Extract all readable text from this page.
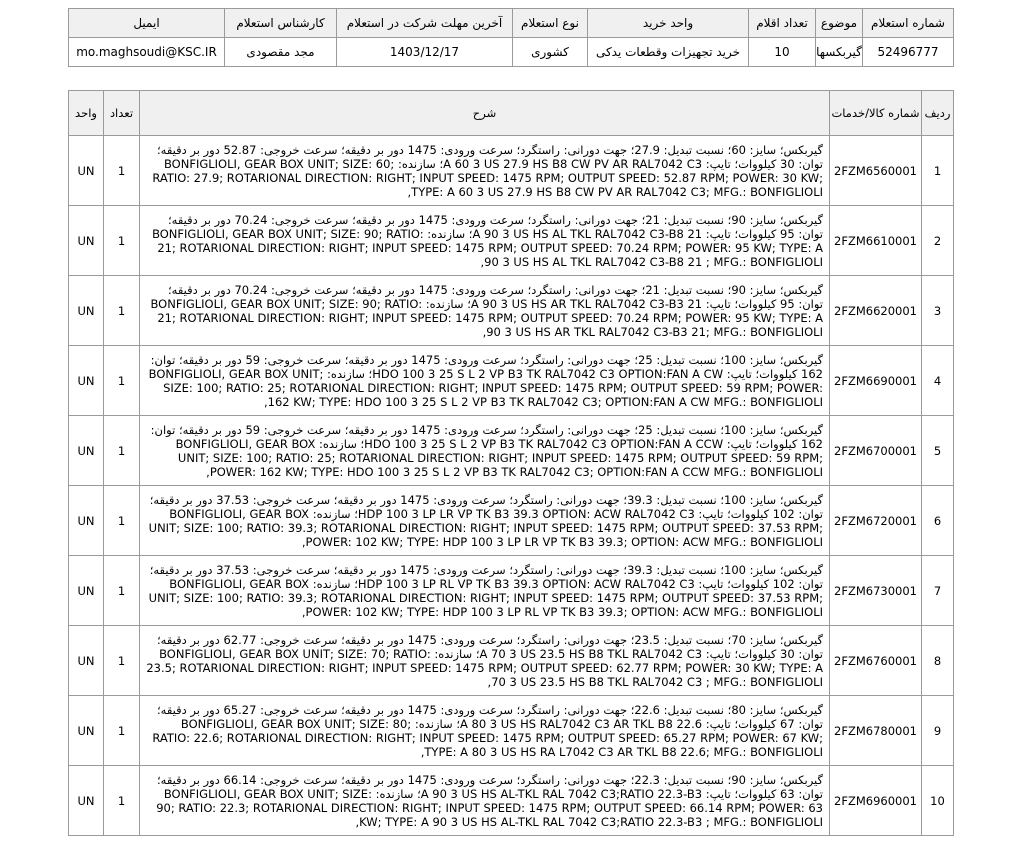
شماره استعلام	موضوع	تعداد اقلام	واحد خرید	نوع استعلام	آخرین مهلت شرکت در استعلام	کارشناس استعلام	ایمیل
52496777	گیربکسها	10	خرید تجهیزات وقطعات یدکی	کشوری	1403/12/17	مجد مقصودی	mo.maghsoudi@KSC.IR
ردیف	شماره کالا/خدمات	شرح	تعداد	واحد
1	2FZM6560001	گیربکس؛ سایز: 60؛ نسبت تبدیل: 27.9؛ جهت دورانی: راستگرد؛ سرعت ورودی: 1475 دور بر دقیقه؛ سرعت خروجی: 52.87 دور بر دقیقه؛ توان: 30 کیلووات؛ تایپ: A 60 3 US 27.9 HS B8 CW PV AR RAL7042 C3؛ سازنده: BONFIGLIOLI, GEAR BOX UNIT; SIZE: 60; RATIO: 27.9; ROTARIONAL DIRECTION: RIGHT; INPUT SPEED: 1475 RPM; OUTPUT SPEED: 52.87 RPM; POWER: 30 KW; TYPE: A 60 3 US 27.9 HS B8 CW PV AR RAL7042 C3; MFG.: BONFIGLIOLI,	1	UN
2	2FZM6610001	گیربکس؛ سایز: 90؛ نسبت تبدیل: 21؛ جهت دورانی: راستگرد؛ سرعت ورودی: 1475 دور بر دقیقه؛ سرعت خروجی: 70.24 دور بر دقیقه؛ توان: 95 کیلووات؛ تایپ: A 90 3 US HS AL TKL RAL7042 C3-B8 21؛ سازنده: BONFIGLIOLI, GEAR BOX UNIT; SIZE: 90; RATIO: 21; ROTARIONAL DIRECTION: RIGHT; INPUT SPEED: 1475 RPM; OUTPUT SPEED: 70.24 RPM; POWER: 95 KW; TYPE: A 90 3 US HS AL TKL RAL7042 C3-B8 21 ; MFG.: BONFIGLIOLI,	1	UN
3	2FZM6620001	گیربکس؛ سایز: 90؛ نسبت تبدیل: 21؛ جهت دورانی: راستگرد؛ سرعت ورودی: 1475 دور بر دقیقه؛ سرعت خروجی: 70.24 دور بر دقیقه؛ توان: 95 کیلووات؛ تایپ: A 90 3 US HS AR TKL RAL7042 C3-B3 21؛ سازنده: BONFIGLIOLI, GEAR BOX UNIT; SIZE: 90; RATIO: 21; ROTARIONAL DIRECTION: RIGHT; INPUT SPEED: 1475 RPM; OUTPUT SPEED: 70.24 RPM; POWER: 95 KW; TYPE: A 90 3 US HS AR TKL RAL7042 C3-B3 21; MFG.: BONFIGLIOLI,	1	UN
4	2FZM6690001	گیربکس؛ سایز: 100؛ نسبت تبدیل: 25؛ جهت دورانی: راستگرد؛ سرعت ورودی: 1475 دور بر دقیقه؛ سرعت خروجی: 59 دور بر دقیقه؛ توان: 162 کیلووات؛ تایپ: HDO 100 3 25 S L 2 VP B3 TK RAL7042 C3 OPTION:FAN A CW؛ سازنده: BONFIGLIOLI, GEAR BOX UNIT; SIZE: 100; RATIO: 25; ROTARIONAL DIRECTION: RIGHT; INPUT SPEED: 1475 RPM; OUTPUT SPEED: 59 RPM; POWER: 162 KW; TYPE: HDO 100 3 25 S L 2 VP B3 TK RAL7042 C3; OPTION:FAN A CW MFG.: BONFIGLIOLI,	1	UN
5	2FZM6700001	گیربکس؛ سایز: 100؛ نسبت تبدیل: 25؛ جهت دورانی: راستگرد؛ سرعت ورودی: 1475 دور بر دقیقه؛ سرعت خروجی: 59 دور بر دقیقه؛ توان: 162 کیلووات؛ تایپ: HDO 100 3 25 S L 2 VP B3 TK RAL7042 C3 OPTION:FAN A CCW؛ سازنده: BONFIGLIOLI, GEAR BOX UNIT; SIZE: 100; RATIO: 25; ROTARIONAL DIRECTION: RIGHT; INPUT SPEED: 1475 RPM; OUTPUT SPEED: 59 RPM; POWER: 162 KW; TYPE: HDO 100 3 25 S L 2 VP B3 TK RAL7042 C3; OPTION:FAN A CCW MFG.: BONFIGLIOLI,	1	UN
6	2FZM6720001	گیربکس؛ سایز: 100؛ نسبت تبدیل: 39.3؛ جهت دورانی: راستگرد؛ سرعت ورودی: 1475 دور بر دقیقه؛ سرعت خروجی: 37.53 دور بر دقیقه؛ توان: 102 کیلووات؛ تایپ: HDP 100 3 LP LR VP TK B3 39.3 OPTION: ACW RAL7042 C3؛ سازنده: BONFIGLIOLI, GEAR BOX UNIT; SIZE: 100; RATIO: 39.3; ROTARIONAL DIRECTION: RIGHT; INPUT SPEED: 1475 RPM; OUTPUT SPEED: 37.53 RPM; POWER: 102 KW; TYPE: HDP 100 3 LP LR VP TK B3 39.3; OPTION: ACW MFG.: BONFIGLIOLI,	1	UN
7	2FZM6730001	گیربکس؛ سایز: 100؛ نسبت تبدیل: 39.3؛ جهت دورانی: راستگرد؛ سرعت ورودی: 1475 دور بر دقیقه؛ سرعت خروجی: 37.53 دور بر دقیقه؛ توان: 102 کیلووات؛ تایپ: HDP 100 3 LP RL VP TK B3 39.3 OPTION: ACW RAL7042 C3؛ سازنده: BONFIGLIOLI, GEAR BOX UNIT; SIZE: 100; RATIO: 39.3; ROTARIONAL DIRECTION: RIGHT; INPUT SPEED: 1475 RPM; OUTPUT SPEED: 37.53 RPM; POWER: 102 KW; TYPE: HDP 100 3 LP RL VP TK B3 39.3; OPTION: ACW MFG.: BONFIGLIOLI,	1	UN
8	2FZM6760001	گیربکس؛ سایز: 70؛ نسبت تبدیل: 23.5؛ جهت دورانی: راستگرد؛ سرعت ورودی: 1475 دور بر دقیقه؛ سرعت خروجی: 62.77 دور بر دقیقه؛ توان: 30 کیلووات؛ تایپ: A 70 3 US 23.5 HS B8 TKL RAL7042 C3؛ سازنده: BONFIGLIOLI, GEAR BOX UNIT; SIZE: 70; RATIO: 23.5; ROTARIONAL DIRECTION: RIGHT; INPUT SPEED: 1475 RPM; OUTPUT SPEED: 62.77 RPM; POWER: 30 KW; TYPE: A 70 3 US 23.5 HS B8 TKL RAL7042 C3 ; MFG.: BONFIGLIOLI,	1	UN
9	2FZM6780001	گیربکس؛ سایز: 80؛ نسبت تبدیل: 22.6؛ جهت دورانی: راستگرد؛ سرعت ورودی: 1475 دور بر دقیقه؛ سرعت خروجی: 65.27 دور بر دقیقه؛ توان: 67 کیلووات؛ تایپ: A 80 3 US HS RAL7042 C3 AR TKL B8 22.6؛ سازنده: BONFIGLIOLI, GEAR BOX UNIT; SIZE: 80; RATIO: 22.6; ROTARIONAL DIRECTION: RIGHT; INPUT SPEED: 1475 RPM; OUTPUT SPEED: 65.27 RPM; POWER: 67 KW; TYPE: A 80 3 US HS RA L7042 C3 AR TKL B8 22.6; MFG.: BONFIGLIOLI,	1	UN
10	2FZM6960001	گیربکس؛ سایز: 90؛ نسبت تبدیل: 22.3؛ جهت دورانی: راستگرد؛ سرعت ورودی: 1475 دور بر دقیقه؛ سرعت خروجی: 66.14 دور بر دقیقه؛ توان: 63 کیلووات؛ تایپ: A 90 3 US HS AL-TKL RAL 7042 C3;RATIO 22.3-B3؛ سازنده: BONFIGLIOLI, GEAR BOX UNIT; SIZE: 90; RATIO: 22.3; ROTARIONAL DIRECTION: RIGHT; INPUT SPEED: 1475 RPM; OUTPUT SPEED: 66.14 RPM; POWER: 63 KW; TYPE: A 90 3 US HS AL-TKL RAL 7042 C3;RATIO 22.3-B3 ; MFG.: BONFIGLIOLI,	1	UN
